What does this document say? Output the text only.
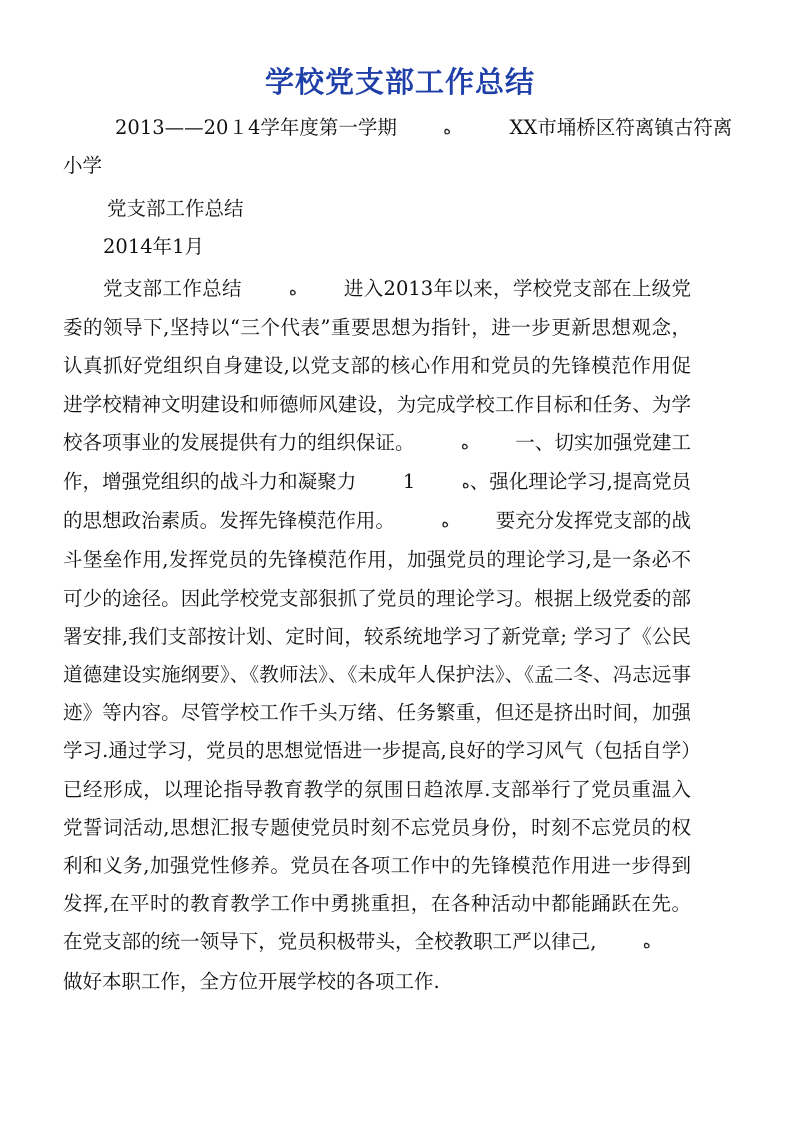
学校党支部工作总结
2013——20１4学年度第一学期	ﻩ	XX市埇桥区符离镇古符离
小学
党支部工作总结
2014年1月

党支部工作总结	ﻩ 进入2013年以来，学校党支部在上级党委的领导下,坚持以“三个代表”重要思想为指针，进一步更新思想观念，认真抓好党组织自身建设,以党支部的核心作用和党员的先锋模范作用促进学校精神文明建设和师德师风建设，为完成学校工作目标和任务、为学校各项事业的发展提供有力的组织保证。	ﻩ 一、切实加强党建工作，增强党组织的战斗力和凝聚力	ﻩ  1、强化理论学习,提高党员的思想政治素质。发挥先锋模范作用。	ﻩ 要充分发挥党支部的战斗堡垒作用,发挥党员的先锋模范作用，加强党员的理论学习,是一条必不可少的途径。因此学校党支部狠抓了党员的理论学习。根据上级党委的部署安排,我们支部按计划、定时间，较系统地学习了新党章; 学习了《公民道德建设实施纲要》、《教师法》、《未成年人保护法》、《孟二冬、冯志远事迹》等内容。尽管学校工作千头万绪、任务繁重，但还是挤出时间，加强学习.通过学习，党员的思想觉悟进一步提高,良好的学习风气（包括自学）已经形成，以理论指导教育教学的氛围日趋浓厚.支部举行了党员重温入党誓词活动,思想汇报专题使党员时刻不忘党员身份，时刻不忘党员的权利和义务,加强党性修养。党员在各项工作中的先锋模范作用进一步得到发挥,在平时的教育教学工作中勇挑重担，在各种活动中都能踊跃在先。在党支部的统一领导下，党员积极带头，全校教职工严以律己,	ﻩ  做好本职工作，全方位开展学校的各项工作.
